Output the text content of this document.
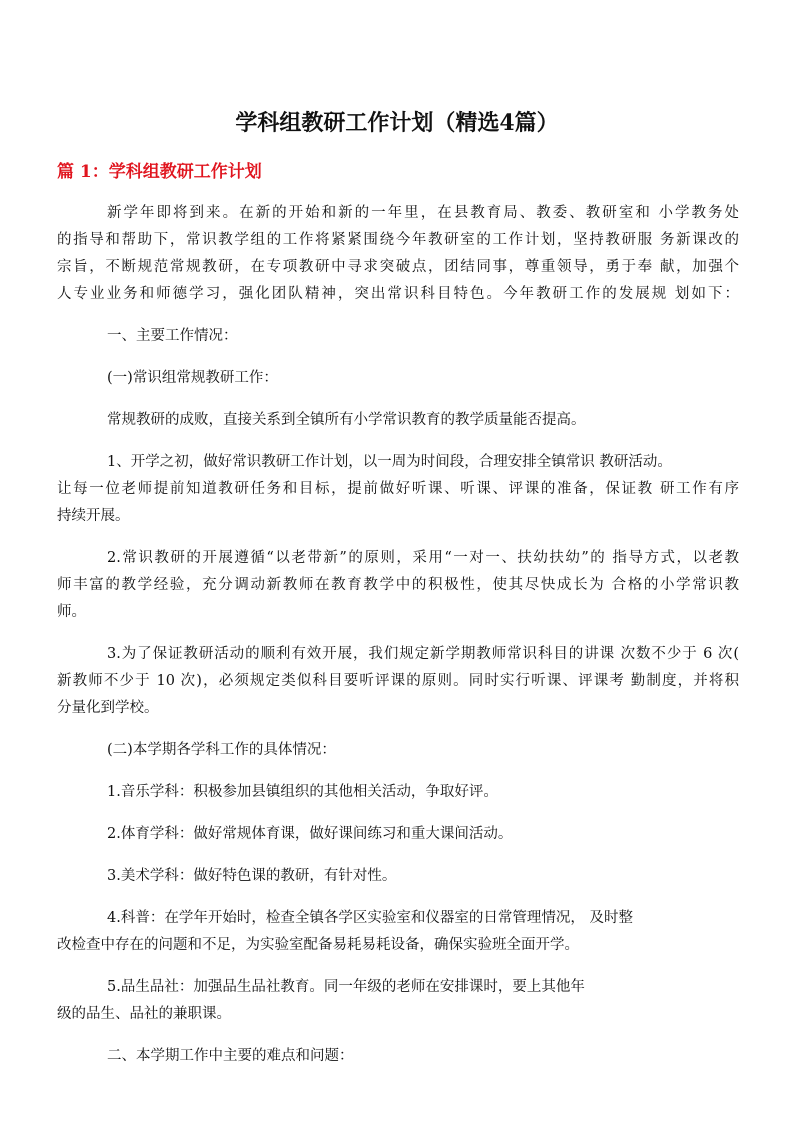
学科组教研工作计划（精选4篇）
篇 1：学科组教研工作计划
新学年即将到来。在新的开始和新的一年里，在县教育局、教委、教研室和 小学教务处
的指导和帮助下，常识教学组的工作将紧紧围绕今年教研室的工作计划，坚持教研服 务新课改的
宗旨，不断规范常规教研，在专项教研中寻求突破点，团结同事，尊重领导，勇于奉 献，加强个
人专业业务和师德学习，强化团队精神，突出常识科目特色。今年教研工作的发展规 划如下：
一、主要工作情况：
(一)常识组常规教研工作：
常规教研的成败，直接关系到全镇所有小学常识教育的教学质量能否提高。
1、开学之初，做好常识教研工作计划，以一周为时间段，合理安排全镇常识 教研活动。
让每一位老师提前知道教研任务和目标，提前做好听课、听课、评课的准备，保证教 研工作有序
持续开展。
2.常识教研的开展遵循“以老带新”的原则，采用“一对一、扶幼扶幼”的 指导方式，以老教
师丰富的教学经验，充分调动新教师在教育教学中的积极性，使其尽快成长为 合格的小学常识教
师。
3.为了保证教研活动的顺利有效开展，我们规定新学期教师常识科目的讲课 次数不少于 6 次(
新教师不少于 10 次)，必须规定类似科目要听评课的原则。同时实行听课、评课考 勤制度，并将积
分量化到学校。
(二)本学期各学科工作的具体情况：
1.音乐学科：积极参加县镇组织的其他相关活动，争取好评。
2.体育学科：做好常规体育课，做好课间练习和重大课间活动。
3.美术学科：做好特色课的教研，有针对性。
4.科普：在学年开始时，检查全镇各学区实验室和仪器室的日常管理情况， 及时整
改检查中存在的问题和不足，为实验室配备易耗易耗设备，确保实验班全面开学。
5.品生品社：加强品生品社教育。同一年级的老师在安排课时，要上其他年
级的品生、品社的兼职课。
二、本学期工作中主要的难点和问题：
